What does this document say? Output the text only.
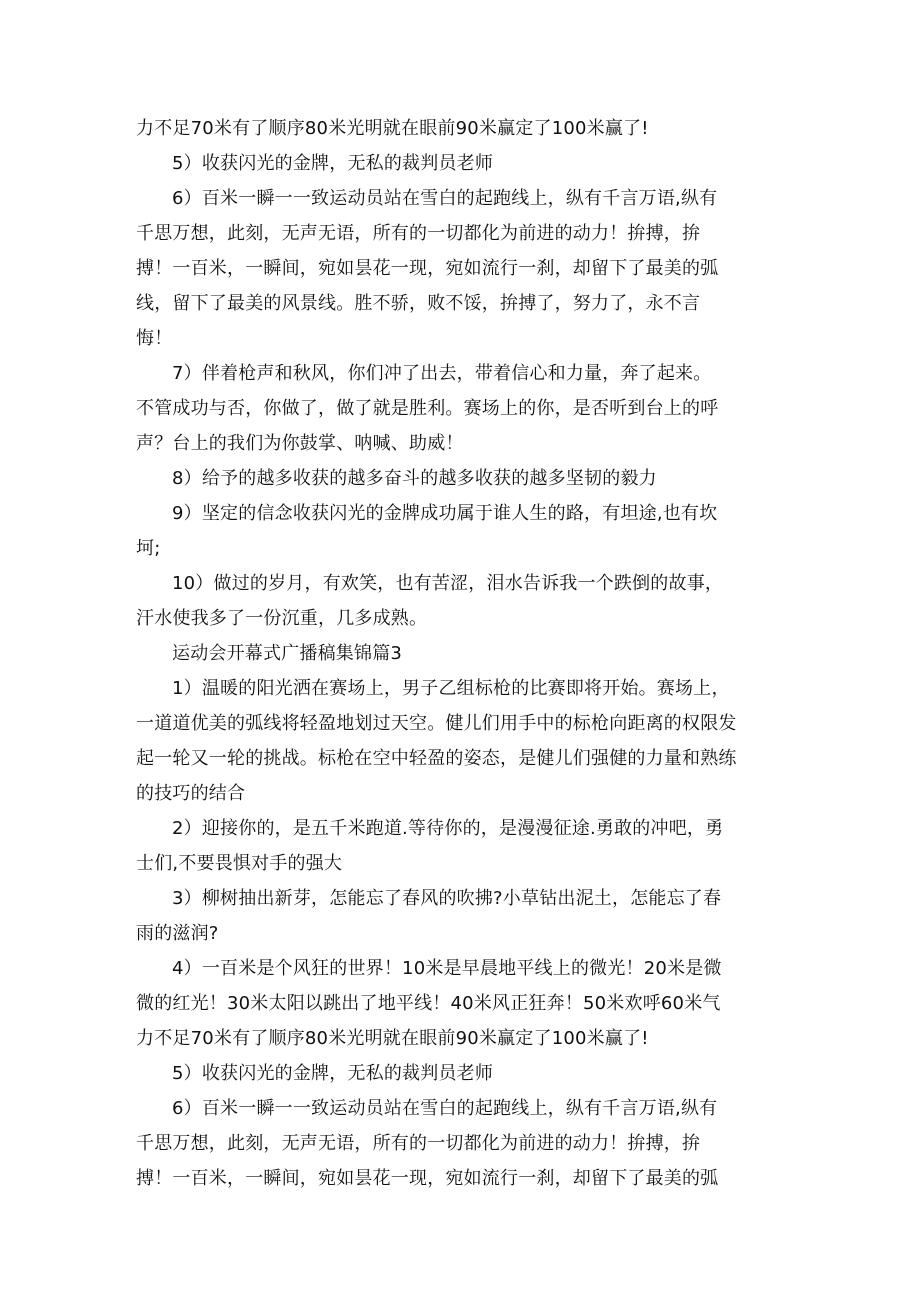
力不足70米有了顺序80米光明就在眼前90米赢定了100米赢了!
5）收获闪光的金牌，无私的裁判员老师
6）百米一瞬一一致运动员站在雪白的起跑线上，纵有千言万语,纵有
千思万想，此刻，无声无语，所有的一切都化为前进的动力！拚搏，拚
搏！一百米，一瞬间，宛如昙花一现，宛如流行一刹，却留下了最美的弧
线，留下了最美的风景线。胜不骄，败不馁，拚搏了，努力了，永不言
悔！
7）伴着枪声和秋风，你们冲了出去，带着信心和力量，奔了起来。
不管成功与否，你做了，做了就是胜利。赛场上的你，是否听到台上的呼
声？台上的我们为你鼓掌、呐喊、助威！
8）给予的越多收获的越多奋斗的越多收获的越多坚韧的毅力
9）坚定的信念收获闪光的金牌成功属于谁人生的路，有坦途,也有坎
坷;
10）做过的岁月，有欢笑，也有苦涩，泪水告诉我一个跌倒的故事，
汗水使我多了一份沉重，几多成熟。
运动会开幕式广播稿集锦篇3
1）温暖的阳光洒在赛场上，男子乙组标枪的比赛即将开始。赛场上，
一道道优美的弧线将轻盈地划过天空。健儿们用手中的标枪向距离的权限发
起一轮又一轮的挑战。标枪在空中轻盈的姿态，是健儿们强健的力量和熟练
的技巧的结合
2）迎接你的，是五千米跑道.等待你的，是漫漫征途.勇敢的冲吧，勇
士们,不要畏惧对手的强大
3）柳树抽出新芽，怎能忘了春风的吹拂?小草钻出泥土，怎能忘了春
雨的滋润?
4）一百米是个风狂的世界！10米是早晨地平线上的微光！20米是微
微的红光！30米太阳以跳出了地平线！40米风正狂奔！50米欢呼60米气
力不足70米有了顺序80米光明就在眼前90米赢定了100米赢了!
5）收获闪光的金牌，无私的裁判员老师
6）百米一瞬一一致运动员站在雪白的起跑线上，纵有千言万语,纵有
千思万想，此刻，无声无语，所有的一切都化为前进的动力！拚搏，拚
搏！一百米，一瞬间，宛如昙花一现，宛如流行一刹，却留下了最美的弧
